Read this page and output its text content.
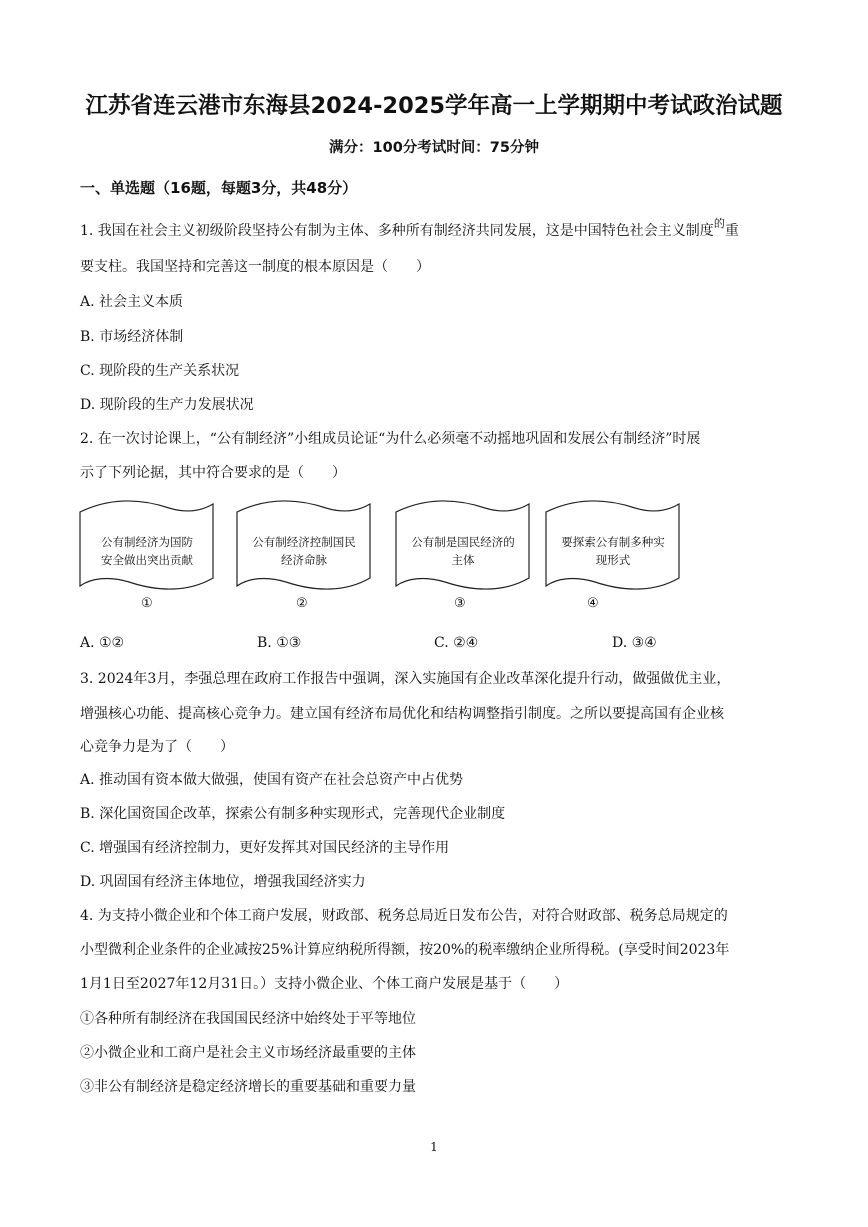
江苏省连云港市东海县2024-2025学年高一上学期期中考试政治试题
满分：100分考试时间：75分钟
一、单选题（16题，每题3分，共48分）
1. 我国在社会主义初级阶段坚持公有制为主体、多种所有制经济共同发展，这是中国特色社会主义制度$^的$重
要支柱。我国坚持和完善这一制度的根本原因是（　　）
A. 社会主义本质
B. 市场经济体制
C. 现阶段的生产关系状况
D. 现阶段的生产力发展状况
2. 在一次讨论课上，“公有制经济”小组成员论证“为什么必须毫不动摇地巩固和发展公有制经济”时展
示了下列论据，其中符合要求的是（　　）
公有制经济为国防
安全做出突出贡献
①
公有制经济控制国民
经济命脉
②
公有制是国民经济的
主体
③
要探索公有制多种实
现形式
④
A. ①②	B. ①③	C. ②④	D. ③④
3. 2024年3月，李强总理在政府工作报告中强调，深入实施国有企业改革深化提升行动，做强做优主业，
增强核心功能、提高核心竞争力。建立国有经济布局优化和结构调整指引制度。之所以要提高国有企业核
心竞争力是为了（　　）
A. 推动国有资本做大做强，使国有资产在社会总资产中占优势
B. 深化国资国企改革，探索公有制多种实现形式，完善现代企业制度
C. 增强国有经济控制力，更好发挥其对国民经济的主导作用
D. 巩固国有经济主体地位，增强我国经济实力
4. 为支持小微企业和个体工商户发展，财政部、税务总局近日发布公告，对符合财政部、税务总局规定的
小型微利企业条件的企业减按25%计算应纳税所得额，按20%的税率缴纳企业所得税。(享受时间2023年
1月1日至2027年12月31日。）支持小微企业、个体工商户发展是基于（　　）
①各种所有制经济在我国国民经济中始终处于平等地位
②小微企业和工商户是社会主义市场经济最重要的主体
③非公有制经济是稳定经济增长的重要基础和重要力量
1
